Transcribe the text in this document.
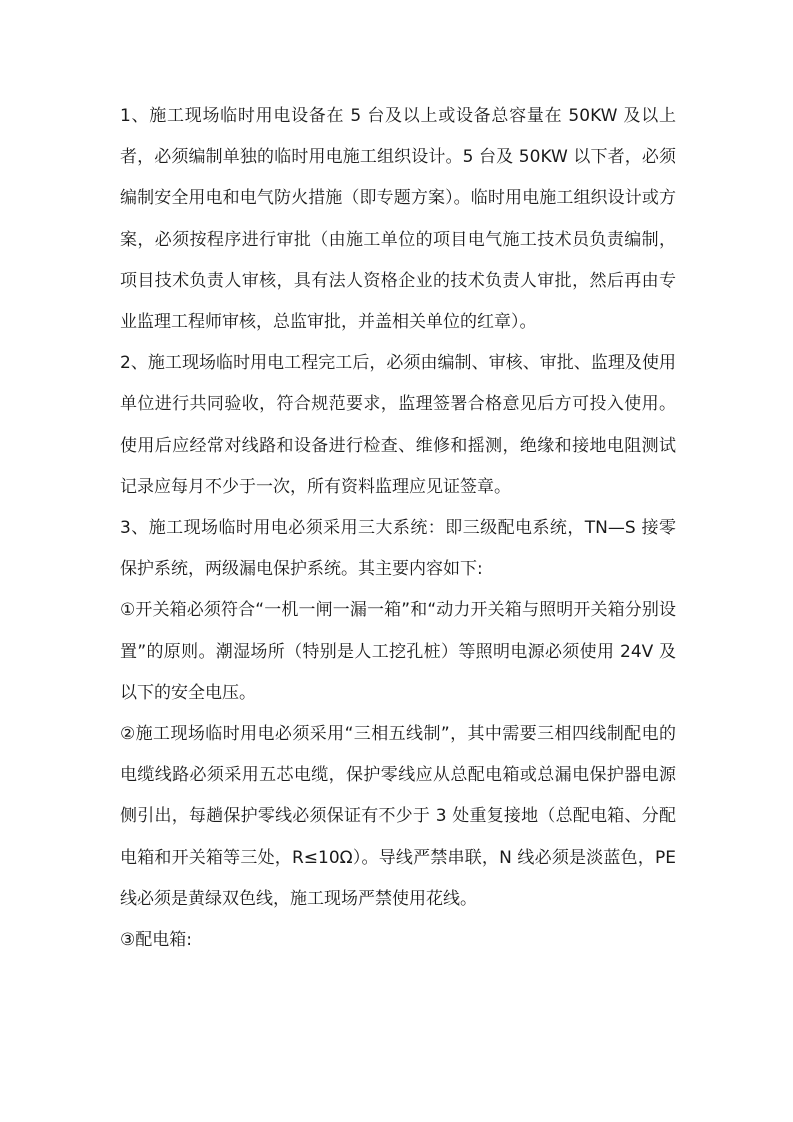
1、施工现场临时用电设备在 5 台及以上或设备总容量在 50KW 及以上者，必须编制单独的临时用电施工组织设计。5 台及 50KW 以下者，必须编制安全用电和电气防火措施（即专题方案）。临时用电施工组织设计或方案，必须按程序进行审批（由施工单位的项目电气施工技术员负责编制，项目技术负责人审核，具有法人资格企业的技术负责人审批，然后再由专业监理工程师审核，总监审批，并盖相关单位的红章）。

2、施工现场临时用电工程完工后，必须由编制、审核、审批、监理及使用单位进行共同验收，符合规范要求，监理签署合格意见后方可投入使用。使用后应经常对线路和设备进行检查、维修和摇测，绝缘和接地电阻测试记录应每月不少于一次，所有资料监理应见证签章。

3、施工现场临时用电必须采用三大系统：即三级配电系统，TN—S 接零保护系统，两级漏电保护系统。其主要内容如下:

①开关箱必须符合“一机一闸一漏一箱”和“动力开关箱与照明开关箱分别设置”的原则。潮湿场所（特别是人工挖孔桩）等照明电源必须使用 24V 及以下的安全电压。

②施工现场临时用电必须采用“三相五线制”，其中需要三相四线制配电的电缆线路必须采用五芯电缆，保护零线应从总配电箱或总漏电保护器电源侧引出，每趟保护零线必须保证有不少于 3 处重复接地（总配电箱、分配电箱和开关箱等三处，R≤10Ω）。导线严禁串联，N 线必须是淡蓝色，PE 线必须是黄绿双色线，施工现场严禁使用花线。

③配电箱:
